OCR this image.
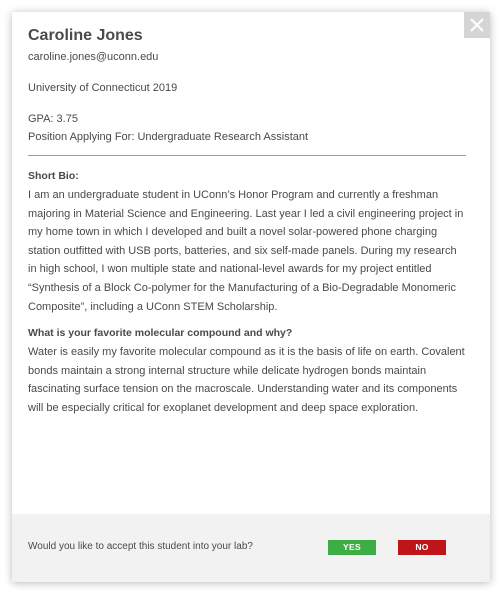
Caroline Jones
caroline.jones@uconn.edu
University of Connecticut 2019
GPA: 3.75
Position Applying For: Undergraduate Research Assistant
Short Bio:

I am an undergraduate student in UConn’s Honor Program and currently a freshman majoring in Material Science and Engineering. Last year I led a civil engineering project in my home town in which I developed and built a novel solar-powered phone charging station outfitted with USB ports, batteries, and six self-made panels. During my research in high school, I won multiple state and national-level awards for my project entitled “Synthesis of a Block Co-polymer for the Manufacturing of a Bio-Degradable Monomeric Composite”, including a UConn STEM Scholarship.

What is your favorite molecular compound and why?

Water is easily my favorite molecular compound as it is the basis of life on earth. Covalent bonds maintain a strong internal structure while delicate hydrogen bonds maintain fascinating surface tension on the macroscale. Understanding water and its components will be especially critical for exoplanet development and deep space exploration.

Would you like to accept this student into your lab?	YES	NO
